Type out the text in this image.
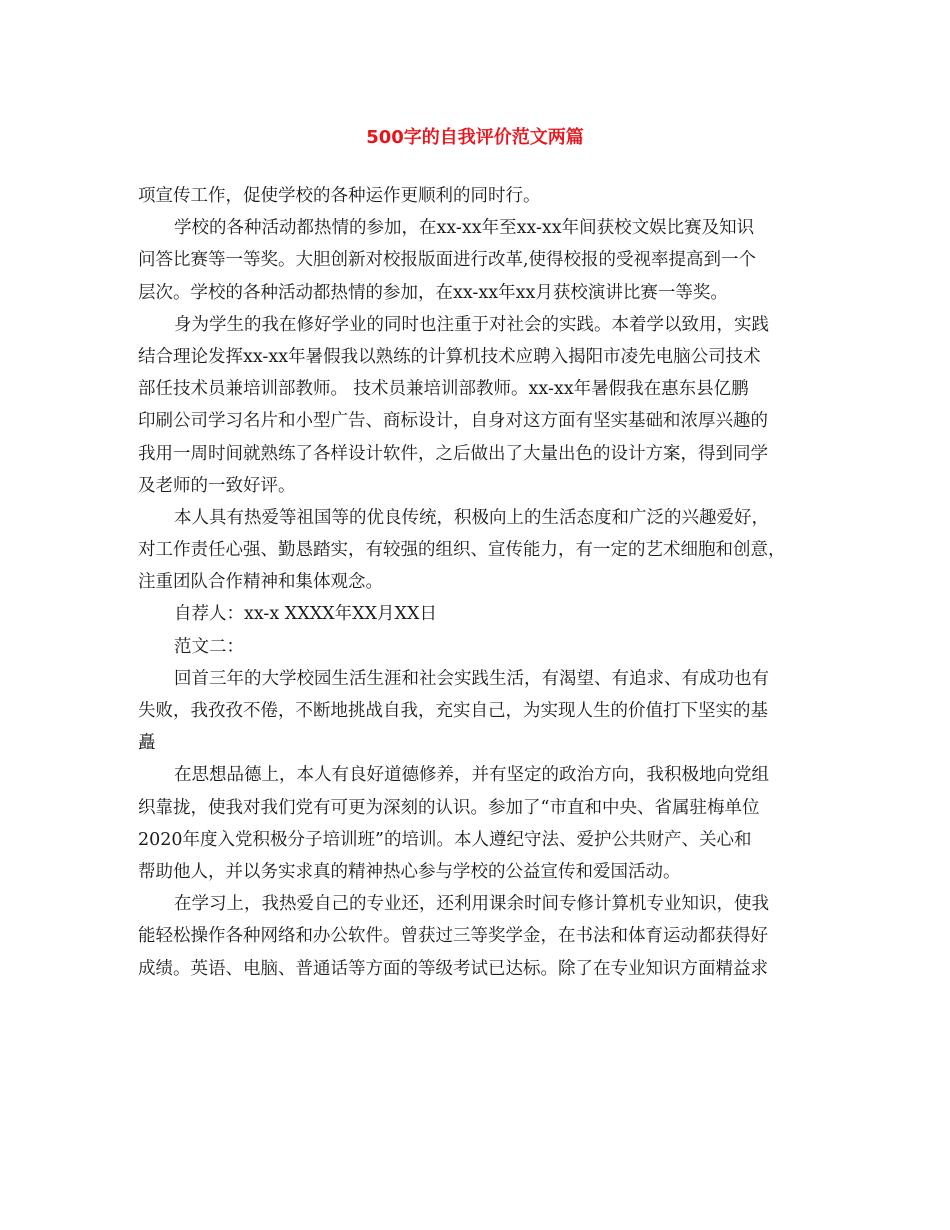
500字的自我评价范文两篇
项宣传工作，促使学校的各种运作更顺利的同时行。
学校的各种活动都热情的参加，在xx-xx年至xx-xx年间获校文娱比赛及知识
问答比赛等一等奖。大胆创新对校报版面进行改革,使得校报的受视率提高到一个
层次。学校的各种活动都热情的参加，在xx-xx年xx月获校演讲比赛一等奖。
身为学生的我在修好学业的同时也注重于对社会的实践。本着学以致用，实践
结合理论发挥xx-xx年暑假我以熟练的计算机技术应聘入揭阳市凌先电脑公司技术
部任技术员兼培训部教师。 技术员兼培训部教师。xx-xx年暑假我在惠东县亿鹏
印刷公司学习名片和小型广告、商标设计，自身对这方面有坚实基础和浓厚兴趣的
我用一周时间就熟练了各样设计软件，之后做出了大量出色的设计方案，得到同学
及老师的一致好评。
本人具有热爱等祖国等的优良传统，积极向上的生活态度和广泛的兴趣爱好，
对工作责任心强、勤恳踏实，有较强的组织、宣传能力，有一定的艺术细胞和创意，
注重团队合作精神和集体观念。
自荐人：xx-x XXXX年XX月XX日
范文二：
回首三年的大学校园生活生涯和社会实践生活，有渴望、有追求、有成功也有
失败，我孜孜不倦，不断地挑战自我，充实自己，为实现人生的价值打下坚实的基
矗
在思想品德上，本人有良好道德修养，并有坚定的政治方向，我积极地向党组
织靠拢，使我对我们党有可更为深刻的认识。参加了“市直和中央、省属驻梅单位
2020年度入党积极分子培训班”的培训。本人遵纪守法、爱护公共财产、关心和
帮助他人，并以务实求真的精神热心参与学校的公益宣传和爱国活动。
在学习上，我热爱自己的专业还，还利用课余时间专修计算机专业知识，使我
能轻松操作各种网络和办公软件。曾获过三等奖学金，在书法和体育运动都获得好
成绩。英语、电脑、普通话等方面的等级考试已达标。除了在专业知识方面精益求
